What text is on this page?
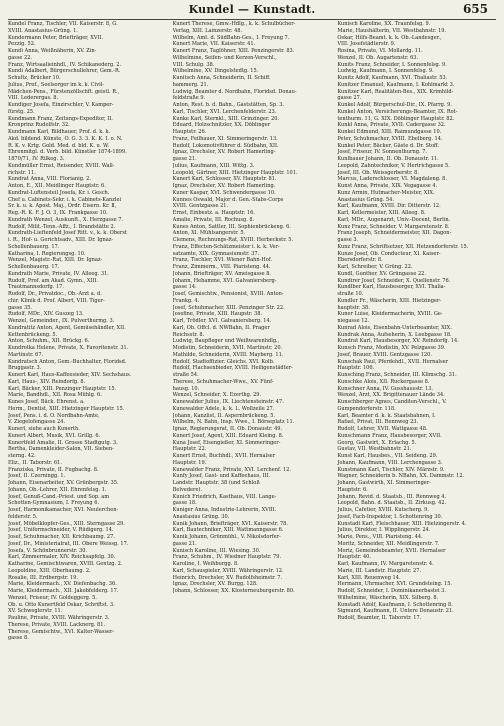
Kundel — Kunstadt.	655
Kundel Franz, Tischler, VII. Kaiserstr. 8, G.
XVIII. Anastasius-Grüng. 1.
Kundermann Peter, Briefträger, XVII.
Pezzig. 52.
Kundi Anna, Weißnäherin, XV. Zin-
gasse 22.
Franz, Wirtsaalieinhdl., IV. Schikanederg. 2.
Kundi Adalbert, Bürgerschullehrer, Gem.-R.
Schultz, Brücker 10.
Julius, Prof., Seelsorger im k. k. Civil-
Mädchen-Pens., Fürstenzöllschft. geistl. R.,
VIII. Lederergas. 8.
Kundiger Josefa, Einzirschler, V. Kamper-
fürstg. 25.
Kundmann Franz, Zeitungs-Expeditor, II.
Kronprinz Rudolfstr. 32.
Kundmann Karl, Bildhauer, Prof. d. k. k.
Akd. bildend. Künste, Ö. G. 3. 3. K. K. I. o. N.
R. K. v. Krtg. Gold. Med. d. bld. K. u. W.
Ehrenmitgl. d. Verb. bild. Künstler 1874-1899.
1870/71, IV. Rilkeg. 3.
Kundmüller Ernst, Reisender, XVIII. Wall-
richstr. 11.
Kundrat Anna, VIII. Florianig. 2.
Anton, E., XII. Meidlinger Hauptstr. 6.
Kundrat-Luftensteil Josefa, Kr. i. Gesch.
Chef u. Cabinets-Sekr. i. k. Cabinets-Kanzlei
Sr. k. u. k. Apost. Maj., Ordr. Eisern. Kr. Ⅱ,
Reg.-R. K. F. J. O. 3, IX. Frankgasse 10.
Kundrath Wenzel, Auskunft., X. Herzgasse 7.
Rudolf, Milit.-Tenn.-Affz., I. Brandstätte 2.
Kundrath-Lieftenfeld Josef Ritt. v., k. k. Oberst
i. R., Hof- u. Gerichtsadv., XIII. Dr. Ignaz-
Schellenbauerg. 17.
Katharina, I. Regierungsg. 10.
Wenzel, Magistr.-Rat, XIII. Dr. Ignaz-
Schellenbauerg. 17.
Kundrath Marie, Private, IV. Alleeg. 31.
Rudolf, Prof. am Akad. Gymn., XIII.
Trautmannsdorfg. 17.
Rudolf, Dr., Privatdoc., Ob.-Arzt a. d.
chir. Klinik d. Prof. Albert, VIII. Tiger-
gasse 35.
Rudolf, MDr., XIV. Guszeg 13.
Wenzel, Gemeinder., IX. Pulverthurmg. 3.
Kundratitz Anton, Agent, Gemüsehändler, XII.
Kettenbrückeng. 5.
Anton, Schuhm., XII. Brückg. 6.
Kundrotka Helene, Private, X. Favoritenstr. 31.
Martinstr. 67.
Kundratsch Anton, Gem.-Buchhalter, Floridsd.
Bruggastr. 3.
Kunert Karl, Haus-Kaffeesieder, XIV. Sechshaus.
Karl, Haus-, XIV. Reindorfg. 8.
Karl, Bäcker, XIII. Penzinger Hauptstr. 15.
Marie, Bandhdl., XII. Rosa Mühlg. 6.
Kunes Josef, Bäck. Ehrenst. a.
Herm., Dentist, XIII. Hietzinger Hauptstr. 15.
Josef, Pens. i. d. Ö. Nordbahn-Amte,
V. Ziegelofengasse 24.
Kunerl, siehe auch Kunerth.
Kunert Albert, Musik, XVI. Grillg. 6.
Kunertfeld Amalie, II. Grosse Stadtgutg. 3.
Bertha, Damenkleider-Salon, VII. Sieben-
sterng. 42.
Eliz., II. Taborstr. 61.
Franziska, Private, II. Fugbachg. 8.
Josef, II. Czerningg. 1.
Johann, Eisenarbeiter, XV. Grünbergstr. 35.
Johann, Ob.-Lehrer, XII. Ehrenfelsg. 1.
Josef, Genuß-Cand.-Priest. und Sop. am
Schotten-Gymnasium, I. Freyung 6.
Josef, Harmonikamacher, XVI. Neulerchen-
felderstr. 5.
Josef, Möbelklopfer-Ges., XIII. Sterngasse 29.
Josef, Uniformschneider, V. Rüdigerg. 14.
Josef, Schuhmacher, XII. Krichbaumg. 27.
Josef, Dr., Ministerialrat, III. Obere Weissg. 17.
Josefa, V. Schönbrunnerstr. 30.
Karl, Zimmermaler, XIV. Reichsapfelg. 30.
Katharine, Gemischtwaren, XVIII. Gentzg. 2.
Leopoldine, XIII. Oberbaumg. 2.
Rosalie, III. Erdbergstr. 19.
Marie, Kleidermach., XV. Diefenbachg. 36.
Marie, Kleidermach., XII. Jakobfelderg. 17.
Wenzel, Friseur, IV. Goldeggerg. 5.
Ob. u. Otto Kunertfeld Oskar, Schriftst. 3.
XV. Schweglerstr. 11.
Pauline, Private, XVIII. Währingerstr. 3.
Therese, Private, XVIII. Lacknerg. 81.
Therese, Gemischtw., XVI. Kalter-Wasser-
gasse 8.
Kunert Therese, Gmw.-Hdlg., k. k. Schulbücher-
Verlag, XIII. Lainzerstr. 48.
Wilhelm, Amt. d. SüdBahn-Ges., I. Freyung 7.
Kunert Marie, VII. Kaiserstr. 41.
Kunert Franz, Taglöhner, XIII. Penzingerstr. 83.
Wilhelmine, Seifen- und Kerzen-Verschl.,
VIII. Schulg. 38.
Wilhelmine, XV. Dingelstedtg. 15.
Kunitsch Anna, Schneiderin, II. Schiff.
hammerg. 21.
Ludwig, Beamter d. Nordbahn, Floridsd. Donau-
feldstraße 9.
Anton, Rest. b. d. Bahn., Gaststätten, Sp. 3.
Karl, Tischler, XVI. Lerchenfelderstr. 23.
Kunke Karl, Sternkl., XIII. Grinzinger. 20.
Eduard, Holzschnitzler, XX. Döblinger
Hauptstr. 26.
Franz, Feilhauer, XI. Simmeringerstr. 13.
Rudolf, Lokomotivführer d. Südbahn, XII.
Ignaz, Drechsler, XV. Robert Hamerling-
gasse 21.
Julius, Kaufmann, XIII. Wittg. 3.
Leopold, Gärtner, XIII. Hietzinger Hauptstr. 101.
Kunert Karl, Schlosser, XV. Hauptstr. 81.
Ignaz, Drechsler, XV. Robert Hamerling.
Kuner Kaspar, XVI. Schwendergasse 10.
Kunnes Oswald, Major d. Gen.-Stabs-Corps
XVIII. Gentzgasse 21.
Ernst, Einbestz. a. Hauptstr. 16.
Amalie, Private, III. Rochusg. 8.
Kunes Anton, Sattler, III. Sophienbrückeng. 6.
Anton, XI. Mühlsangerstr. 5.
Clemens, Rechnungs-Rat, XVIII. Herbeckstr. 5.
Franz, Effecten-Schätzmeister i. k. k. Ver-
satzamte, XIX. Gymnasiumstr. 37.
Franz, Tischler, XVI. Wiener Bahn-Hof.
Franz, Zimmerm., VIII. Piaristeng. 44.
Johann, Briefträger, XV. Ameisgasse 8.
Johann, Hebamme, XVI. Galvaniersberg-
gasse 14.
Josef, Gemischtw., Pensionist, XVIII. Anton-
Frankg. 4.
Josef, Schuhmacher, XIII. Penzinger Str. 22.
Josefine, Private, XIII. Haupstr. 38.
Karl, Trödler, XVI. Galvaniersberg. 14.
Karl, Ob. Offcl. d. NWBahn, II. Prager
Reichsstr. 8.
Ludwig, Baupfleger und Weißwarenhdlg.,
Modistin, Schneiderin, XVII. Martinstr. 20.
Mathilde, Schneiderin, XVIII. Mayberg. 11.
Rudolf, Stadtoffizier. Gleichs. XVI. Kolb.
Rudolf, Flachsenbieder, XVIII. Heiligenstädter-
straße 54.
Therese, Schuhmacher-Wwe., XV. Fünf-
hausg. 10.
Wenzel, Schneider, X. Ezerthg. 29.
Kunewalder Julius, IX. Liechtensteinstr. 47.
Kunewalder Adele, k. k. L. Wollzeile 27.
Johann, Kanzlist, II. Aspernbrückeng. 5.
Wilhelm, N. Bahn, Insp. Wwe., I. Börseplatz 11.
Ignaz, Regierungsrat, II. Ob. Donaustr. 49.
Kunert Josef, Agent, XIII. Eduard Kleing. 8.
Kuna Josef, Eisengießer, XI. Simmeringer-
Hauptstr. 22.
Kunert Ernst, Buchhdl., XVII. Hernalser
Hauptstr. 19.
Kunewalder Franz, Private, XVI. Lerchenf. 12.
Kunfy Josef, Gast- und Kaffeehaus, III.
Landstr. Hauptstr. 38 (und Schloß
Belvedere).
Kunich Friedrich, Kasthaus, VIII. Lange-
gasse 18.
Kuniger Anna, Industrie-Lehrerin, XVIII.
Anastasius Grüng. 30.
Kunik Johann, Briefträger, XVI. Kaiserstr. 78.
Karl, Bautechniker, XIII. Wattmanngasse 6.
Kunik Johann, Grünmühl., V. Nikolsdorfer-
gasse 21.
Kunisch Karoline, III. Wiesing. 30.
Franz, Schuhm., IV. Wiedner Hauptstr. 79.
Karoline, I. Weihburgg. 8.
Karl, Schauspieler, XVIII. Währingerstr. 12.
Heinrich, Drechsler, XV. Rudolfsheimstr. 7.
Ignaz, Drechsler, XV. Burgg. 128.
Johann, Schlosser, XX. Klosterneuburgerstr. 80.
Kunisch Karoline, XX. Traunfelsg. 9.
Marie, Haushälterin, VII. Westbahnstr. 19.
Oskar, Hilfs-Beamt. k. k. Ob.-Landesger.,
VIII. Josefstädterstr. 9.
Rosina, Private, VI. Mollardg. 11.
Wenzel, II. Ob. Augartenstr. 63.
Kunits Franz, Schneider, I. Sonnenfelsg. 9.
Ludwig, Kaufmann, I. Sonnenfelsg. 9.
Kunitz Adolf, Kaufmann, XVI. Thaliastr. 53.
Kunitzer Emanuel, Kaufmann, I. Kohlmarkt 3.
Kunitzer Karl, Realitäten-Bes., XIX. Krimhild-
gasse 27.
Kunkel Adolf, Bürgerschul-Dir., IX. Pfarrg. 9.
Kunkel Anton, Versicherungs-Beamter, IX. Rot-
tenthurm. 11, G. XIX. Döblinger Hauptstr. 82.
Kunkl Anna, Private, XVII. Cadergasse 32.
Kunkel Edmund, XIII. Raimundgasse 10.
Peter, Schuhmacher, XVIII. Ebelberg. 14.
Kunkel Peter, Bäcker, Gäste d. Dr. Stoff.
Josef, Friseur, IV. Sonnenthurng. 7.
Kunlbauer Johann, II. Ob. Donaustr. 11.
Leopold, Zahntechniker, V. Hertrichgasse 5.
Josef, III. Ob. Weissgerberstr. 8.
Marcus, Laderschlosser, VI. Magdaleng. 8.
Kunst Anna, Private, XIX. Vegagasse 4.
Kunz Armin, Hutmacher-Meister, XIX.
Anastasius Grüng. 54.
Karl, Kaufmann, XVIII. Dir. Ditterstr. 12.
Karl, Kellermeister, XIII. Alleeg. 8.
Karl, MDr., Augenarzt, Univ.-Docent, Berlin.
Kunz Franz, Schneider, V. Margaretenstr. 8.
Franz Joseph, Schneidermeister, XII. Dagon-
gasse 3.
Kunz Franz, Schriftsetzer, XII. Hetzendorferstr. 15.
Kunze Josef, Ob. Conducteur, XI. Kaiser-
Ebersdorferstr. 8.
Karl, Schreiber, V. Grüng. 22.
Kundl, Gunther, XV. Grüngasse 22.
Kundirer Josef, Schneider, X. Quellenstr. 76.
Kundlber Karl, Hausbesorger, XVI. Thalia-
straße 10.
Kundler Fr., Wäscherin, XIII. Hietzinger-
hauptstr. 38.
Kuner Luise, Kleidermacherin, XVIII. Ge-
niegasse 12.
Kunrad Alois, Eisenbahn-Unterbeamter, XIX.
Kundrak Anna, Aufseherin, X. Leebgasse 18.
Kundrat Karl, Hausbesorger, XV. Reindorfg. 14.
Kunsch Franz, Modistin, XV. Pelzgasse 39.
Josef, Brauer, XVIII. Gentzgasse 120.
Kunschak Paul, Pferdehdl., XVII. Hernalser
Hauptstr. 106.
Kunsching Franz, Schneider, III. Klimschg. 31.
Kunschke Alois, XII. Ruckergasse 8.
Kunschner Anna, IV. Gusshausstr. 13.
Wenzel, Arzt, XX. Brigittenauer Lände 34.
Kunschberger Agnes, Canditen-Verschl., V.
Gumpendorferstr. 118.
Karl, Beamter d. k. k. Staatsbahnen, I.
Rafael, Privat, III. Rennweg 23.
Rudolf, Lehrer, XVII. Wattgasse 48.
Kunschmann Franz, Hausbesorger, XVII.
Georg, Gastwirt, X. Erlachg. 5.
Gustav, VII. Westbahnstr. 21.
Kunst Karl, Hausbes., VII. Seideng. 29.
Johann, Kaufmann, VIII. Lerchengasse 3.
Kunstmann Karl, Tischler, XIV. Märzstr. 9.
Wagner, Schneiderin b. NBahn, XX. Dammstr. 12.
Johann, Gastwirth, XI. Simmeringer-
Hauptstr. 6.
Johann, Revid. d. Staatsb., III. Rennweg 4.
Leopold, Bahn. d. Staatsb., II. Zirkusg. 42.
Julius, Cafetier, XVIII. Kutscherg. 9.
Josef, Fach-Inspektor, I. Schottenring 30.
Kunstadt Karl, Fleischhauer, XIII. Hietzingerstr. 4.
Julius, Direktor, I. Wipplingerstr. 24.
Marie, Pens., VIII. Piaristeng. 44.
Moritz, Schneider, XII. Meidlingerstr. 7.
Moriz, Gemeindebeamter, XVII. Hernalser
Hauptstr. 40.
Karl, Kaufmann, IV. Margaretenstr. 4.
Marie, III. Landstr. Hauptstr. 27.
Karl, XIII. Reuenweg 14.
Hermann, Uhrmacher, XVI. Grundsteing. 15.
Rudolf, Schneider, I. Dominikanerbastei 3.
Wilhelmine, Wäscherin, XIX. Silberg. 8.
Kunstadt Adolf, Kaufmann, I. Schottenring 8.
Sigmund, Kaufmann, II. Untere Donaustr. 21.
Rudolf, Beamter, II. Taborstr. 17.
